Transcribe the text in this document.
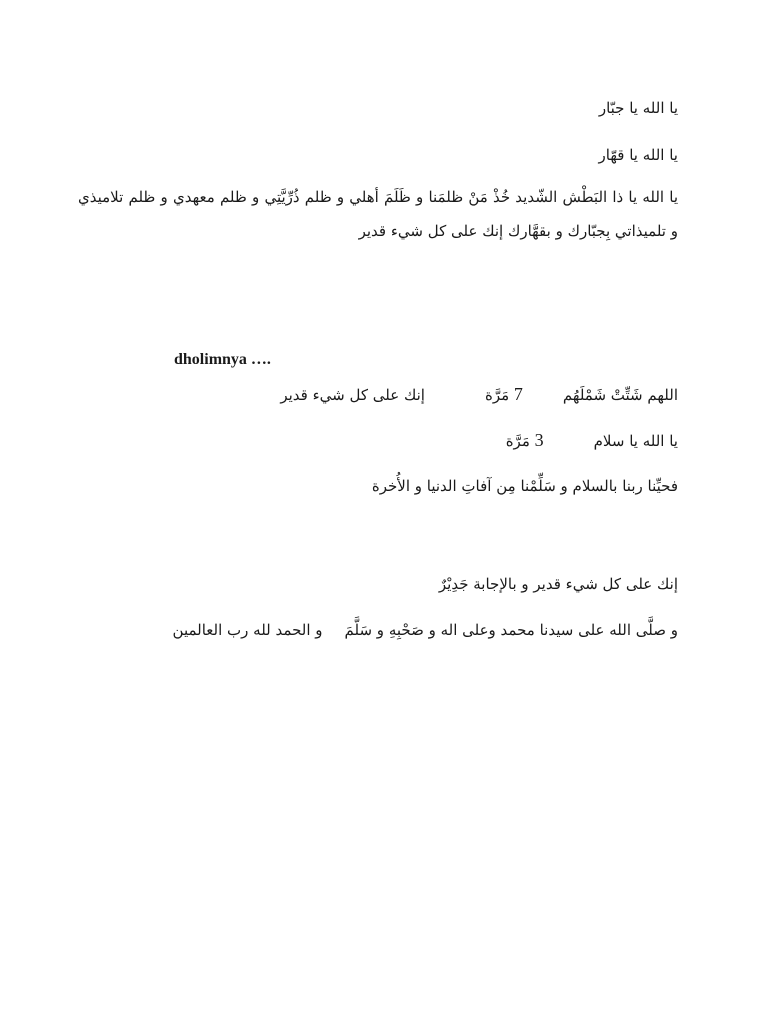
يا الله يا جبّار
يا الله يا قهّار
يا الله يا ذا البَطْش الشّديد خُذْ مَنْ ظلمَنا و ظَلَمَ أهلي و ظلم ذُرِّيَّتِي و ظلم معهدي و ظلم تلاميذي و تلميذاتي بِجبّارك و بقهَّارك إنك على كل شيء قدير
dholimnya ….
اللهم شَتِّتْ شَمْلَهُم7 مَرَّةإنك على كل شيء قدير
يا الله يا سلام3 مَرَّة
فحيِّنا ربنا بالسلام و سَلِّمْنا مِن آفاتِ الدنيا و الأُخرة
إنك على كل شيء قدير و بالإجابة جَدِيْرٌ
و صلَّى الله على سيدنا محمد وعلى اله و صَحْبِهِ و سَلَّمَو الحمد لله رب العالمين
